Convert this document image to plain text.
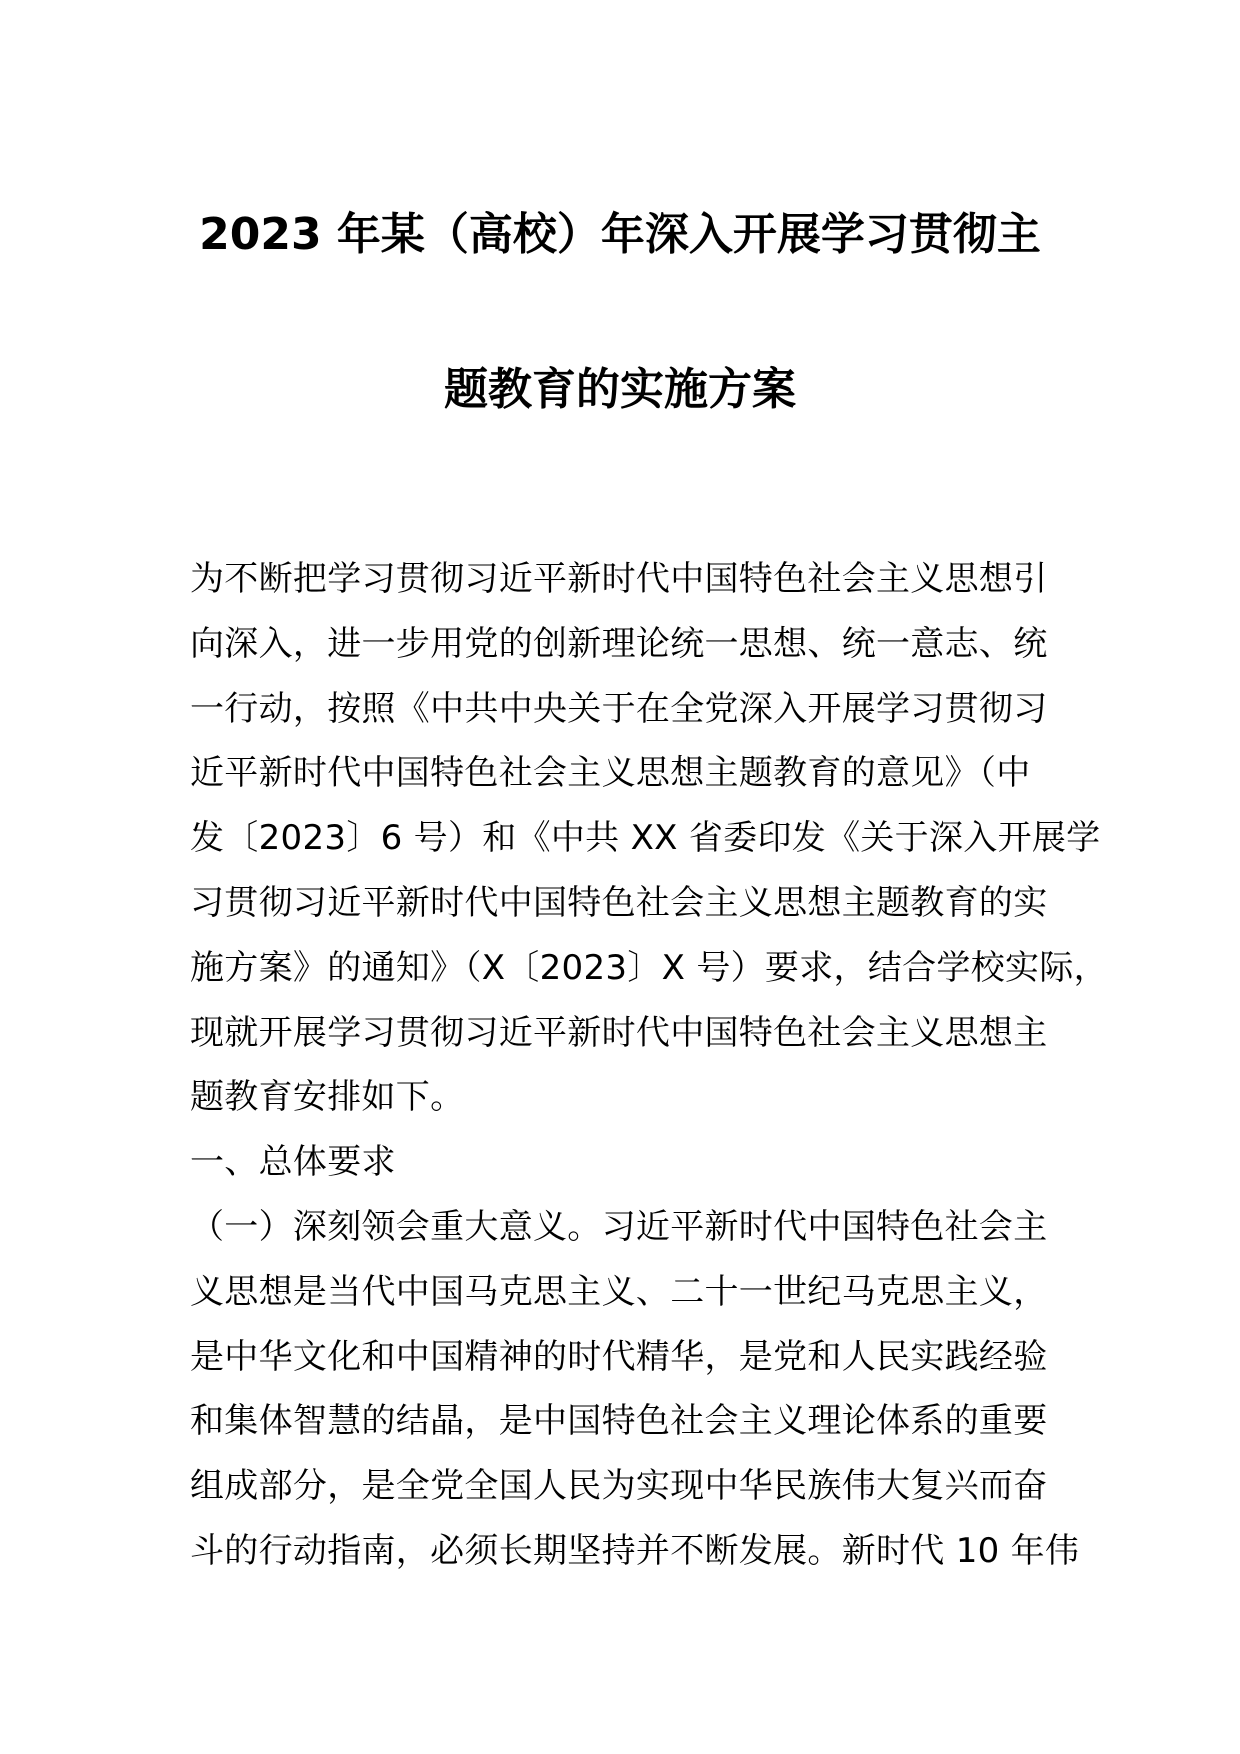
2023 年某（高校）年深入开展学习贯彻主
题教育的实施方案
为不断把学习贯彻习近平新时代中国特色社会主义思想引
向深入，进一步用党的创新理论统一思想、统一意志、统
一行动，按照《中共中央关于在全党深入开展学习贯彻习
近平新时代中国特色社会主义思想主题教育的意见》（中
发〔2023〕6 号）和《中共 XX 省委印发《关于深入开展学
习贯彻习近平新时代中国特色社会主义思想主题教育的实
施方案》的通知》（X〔2023〕X 号）要求，结合学校实际，
现就开展学习贯彻习近平新时代中国特色社会主义思想主
题教育安排如下。
一、总体要求
（一）深刻领会重大意义。习近平新时代中国特色社会主
义思想是当代中国马克思主义、二十一世纪马克思主义，
是中华文化和中国精神的时代精华，是党和人民实践经验
和集体智慧的结晶，是中国特色社会主义理论体系的重要
组成部分，是全党全国人民为实现中华民族伟大复兴而奋
斗的行动指南，必须长期坚持并不断发展。新时代 10 年伟
